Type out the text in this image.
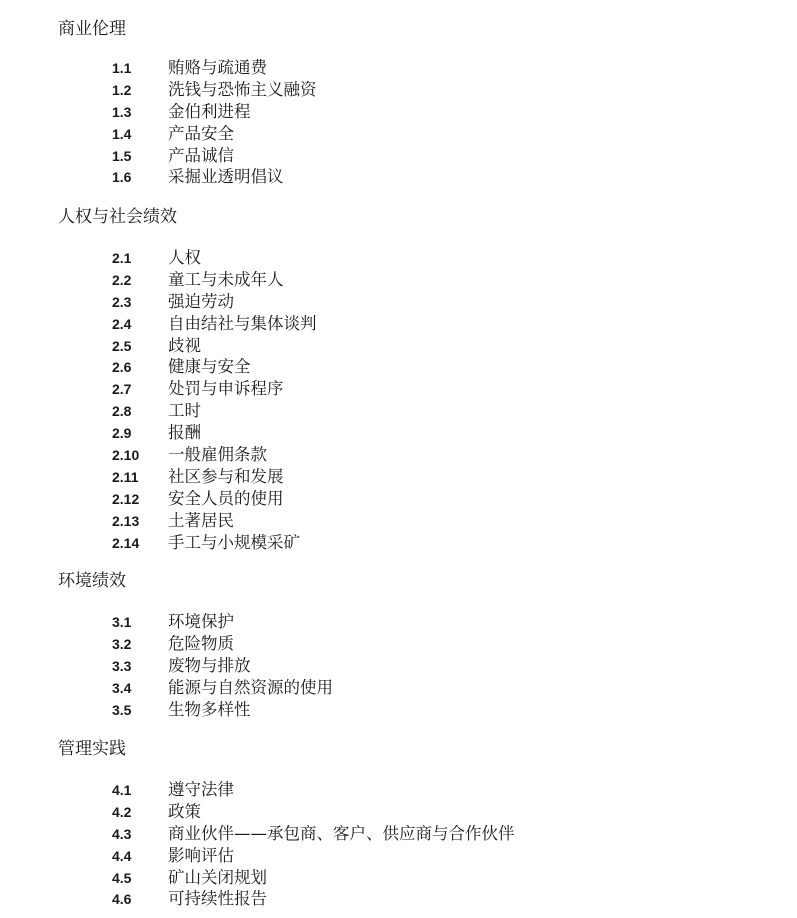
商业伦理
1.1 贿赂与疏通费
1.2 洗钱与恐怖主义融资
1.3 金伯利进程
1.4 产品安全
1.5 产品诚信
1.6 采掘业透明倡议
人权与社会绩效
2.1 人权
2.2 童工与未成年人
2.3 强迫劳动
2.4 自由结社与集体谈判
2.5 歧视
2.6 健康与安全
2.7 处罚与申诉程序
2.8 工时
2.9 报酬
2.10 一般雇佣条款
2.11 社区参与和发展
2.12 安全人员的使用
2.13 土著居民
2.14 手工与小规模采矿
环境绩效
3.1 环境保护
3.2 危险物质
3.3 废物与排放
3.4 能源与自然资源的使用
3.5 生物多样性
管理实践
4.1 遵守法律
4.2 政策
4.3 商业伙伴——承包商、客户、供应商与合作伙伴
4.4 影响评估
4.5 矿山关闭规划
4.6 可持续性报告
